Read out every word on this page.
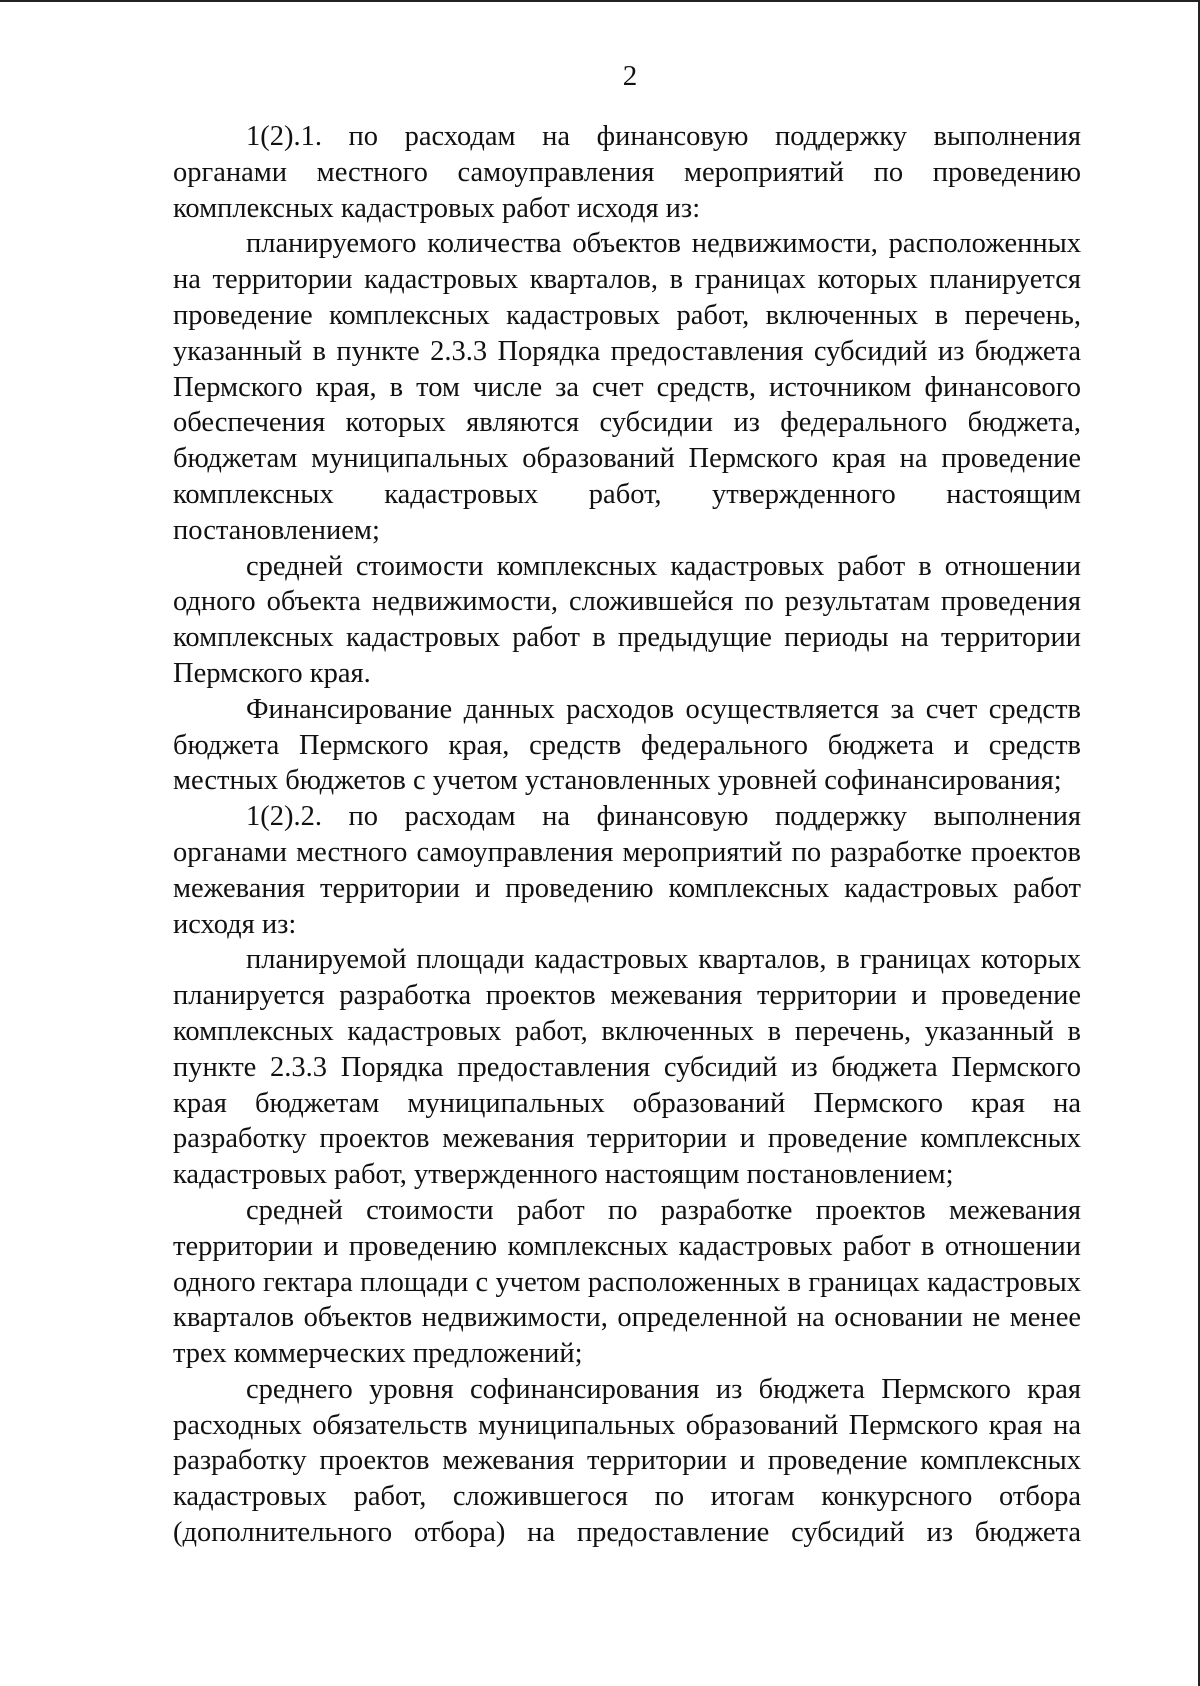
2

1(2).1. по расходам на финансовую поддержку выполнения органами местного самоуправления мероприятий по проведению комплексных кадастровых работ исходя из:

планируемого количества объектов недвижимости, расположенных на территории кадастровых кварталов, в границах которых планируется проведение комплексных кадастровых работ, включенных в перечень, указанный в пункте 2.3.3 Порядка предоставления субсидий из бюджета Пермского края, в том числе за счет средств, источником финансового обеспечения которых являются субсидии из федерального бюджета, бюджетам муниципальных образований Пермского края на проведение комплексных кадастровых работ, утвержденного настоящим постановлением;

средней стоимости комплексных кадастровых работ в отношении одного объекта недвижимости, сложившейся по результатам проведения комплексных кадастровых работ в предыдущие периоды на территории Пермского края.

Финансирование данных расходов осуществляется за счет средств бюджета Пермского края, средств федерального бюджета и средств местных бюджетов с учетом установленных уровней софинансирования;

1(2).2. по расходам на финансовую поддержку выполнения органами местного самоуправления мероприятий по разработке проектов межевания территории и проведению комплексных кадастровых работ исходя из:

планируемой площади кадастровых кварталов, в границах которых планируется разработка проектов межевания территории и проведение комплексных кадастровых работ, включенных в перечень, указанный в пункте 2.3.3 Порядка предоставления субсидий из бюджета Пермского края бюджетам муниципальных образований Пермского края на разработку проектов межевания территории и проведение комплексных кадастровых работ, утвержденного настоящим постановлением;

средней стоимости работ по разработке проектов межевания территории и проведению комплексных кадастровых работ в отношении одного гектара площади с учетом расположенных в границах кадастровых кварталов объектов недвижимости, определенной на основании не менее трех коммерческих предложений;

среднего уровня софинансирования из бюджета Пермского края расходных обязательств муниципальных образований Пермского края на разработку проектов межевания территории и проведение комплексных кадастровых работ, сложившегося по итогам конкурсного отбора (дополнительного отбора) на предоставление субсидий из бюджета
